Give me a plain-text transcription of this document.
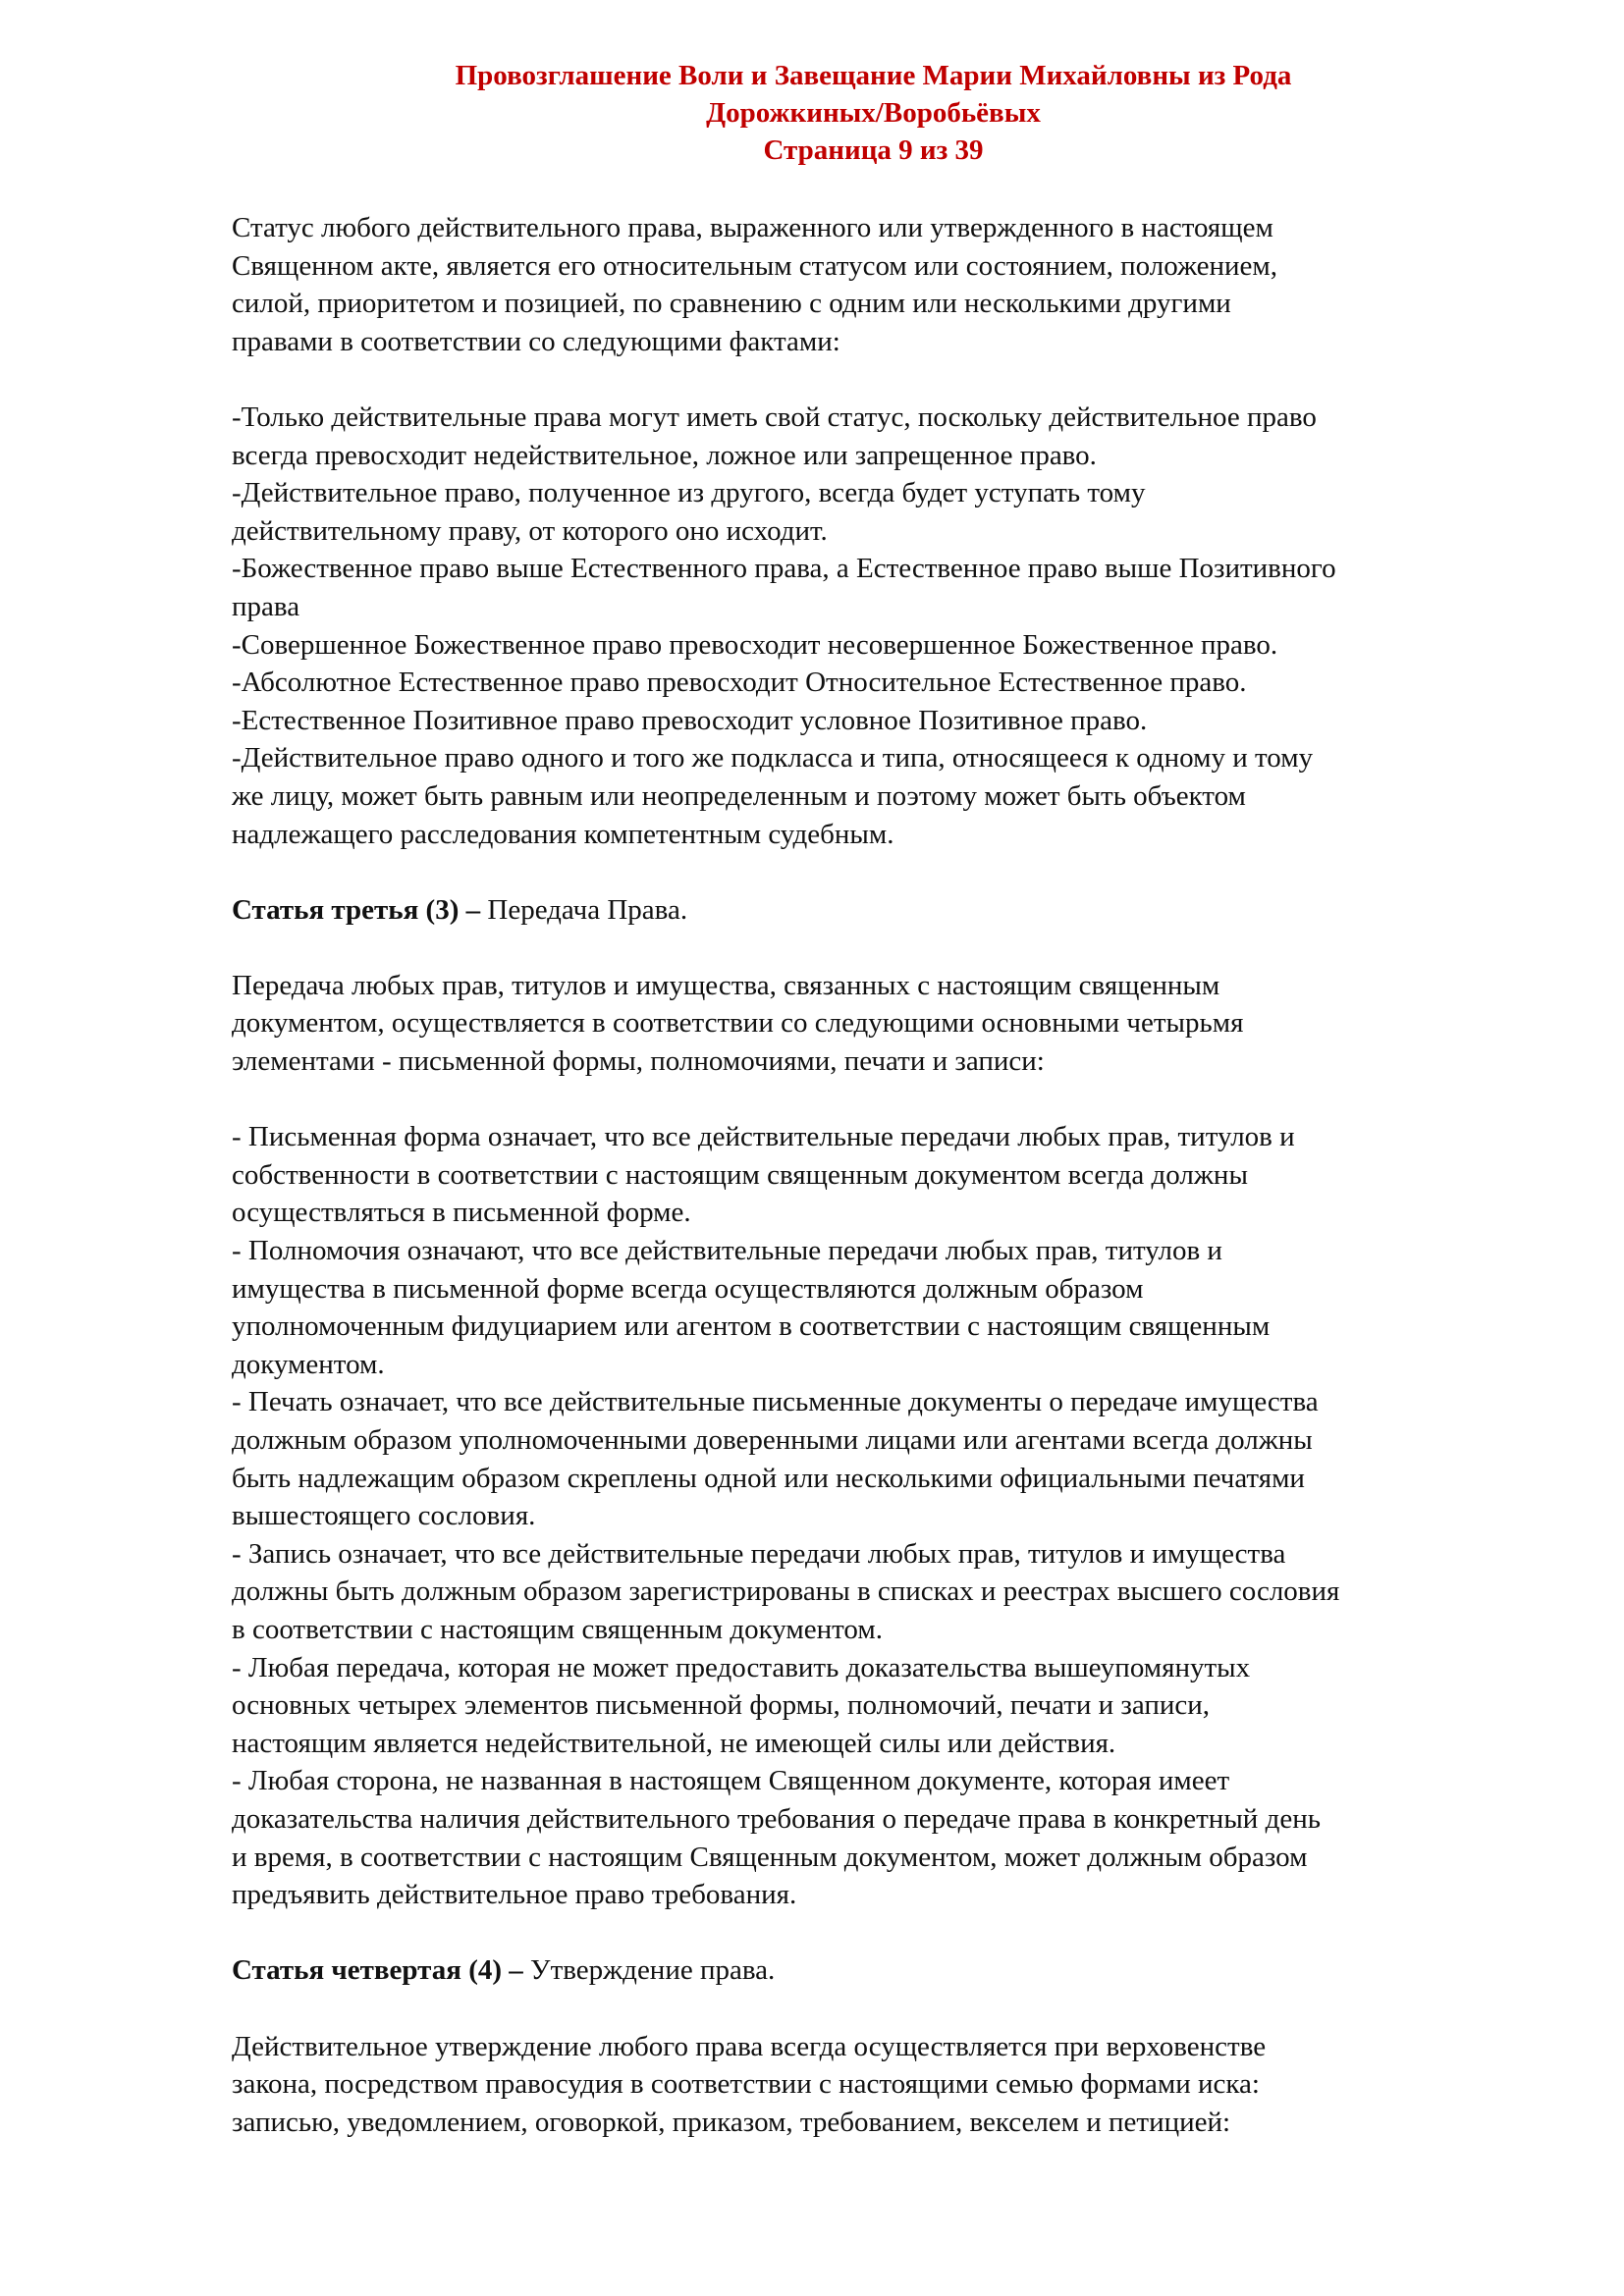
Провозглашение Воли и Завещание Марии Михайловны из Рода
Дорожкиных/Воробьёвых
Страница 9 из 39

Статус любого действительного права, выраженного или утвержденного в настоящем
Священном акте, является его относительным статусом или состоянием, положением,
силой, приоритетом и позицией, по сравнению с одним или несколькими другими
правами в соответствии со следующими фактами:

-Только действительные права могут иметь свой статус, поскольку действительное право
всегда превосходит недействительное, ложное или запрещенное право.
-Действительное право, полученное из другого, всегда будет уступать тому
действительному праву, от которого оно исходит.
-Божественное право выше Естественного права, а Естественное право выше Позитивного
права
-Совершенное Божественное право превосходит несовершенное Божественное право.
-Абсолютное Естественное право превосходит Относительное Естественное право.
-Естественное Позитивное право превосходит условное Позитивное право.
-Действительное право одного и того же подкласса и типа, относящееся к одному и тому
же лицу, может быть равным или неопределенным и поэтому может быть объектом
надлежащего расследования компетентным судебным.

Статья третья (3) – Передача Права.

Передача любых прав, титулов и имущества, связанных с настоящим священным
документом, осуществляется в соответствии со следующими основными четырьмя
элементами - письменной формы, полномочиями, печати и записи:

- Письменная форма означает, что все действительные передачи любых прав, титулов и
собственности в соответствии с настоящим священным документом всегда должны
осуществляться в письменной форме.
- Полномочия означают, что все действительные передачи любых прав, титулов и
имущества в письменной форме всегда осуществляются должным образом
уполномоченным фидуциарием или агентом в соответствии с настоящим священным
документом.
- Печать означает, что все действительные письменные документы о передаче имущества
должным образом уполномоченными доверенными лицами или агентами всегда должны
быть надлежащим образом скреплены одной или несколькими официальными печатями
вышестоящего сословия.
- Запись означает, что все действительные передачи любых прав, титулов и имущества
должны быть должным образом зарегистрированы в списках и реестрах высшего сословия
в соответствии с настоящим священным документом.
- Любая передача, которая не может предоставить доказательства вышеупомянутых
основных четырех элементов письменной формы, полномочий, печати и записи,
настоящим является недействительной, не имеющей силы или действия.
- Любая сторона, не названная в настоящем Священном документе, которая имеет
доказательства наличия действительного требования о передаче права в конкретный день
и время, в соответствии с настоящим Священным документом, может должным образом
предъявить действительное право требования.

Статья четвертая (4) – Утверждение права.

Действительное утверждение любого права всегда осуществляется при верховенстве
закона, посредством правосудия в соответствии с настоящими семью формами иска:
записью, уведомлением, оговоркой, приказом, требованием, векселем и петицией:
